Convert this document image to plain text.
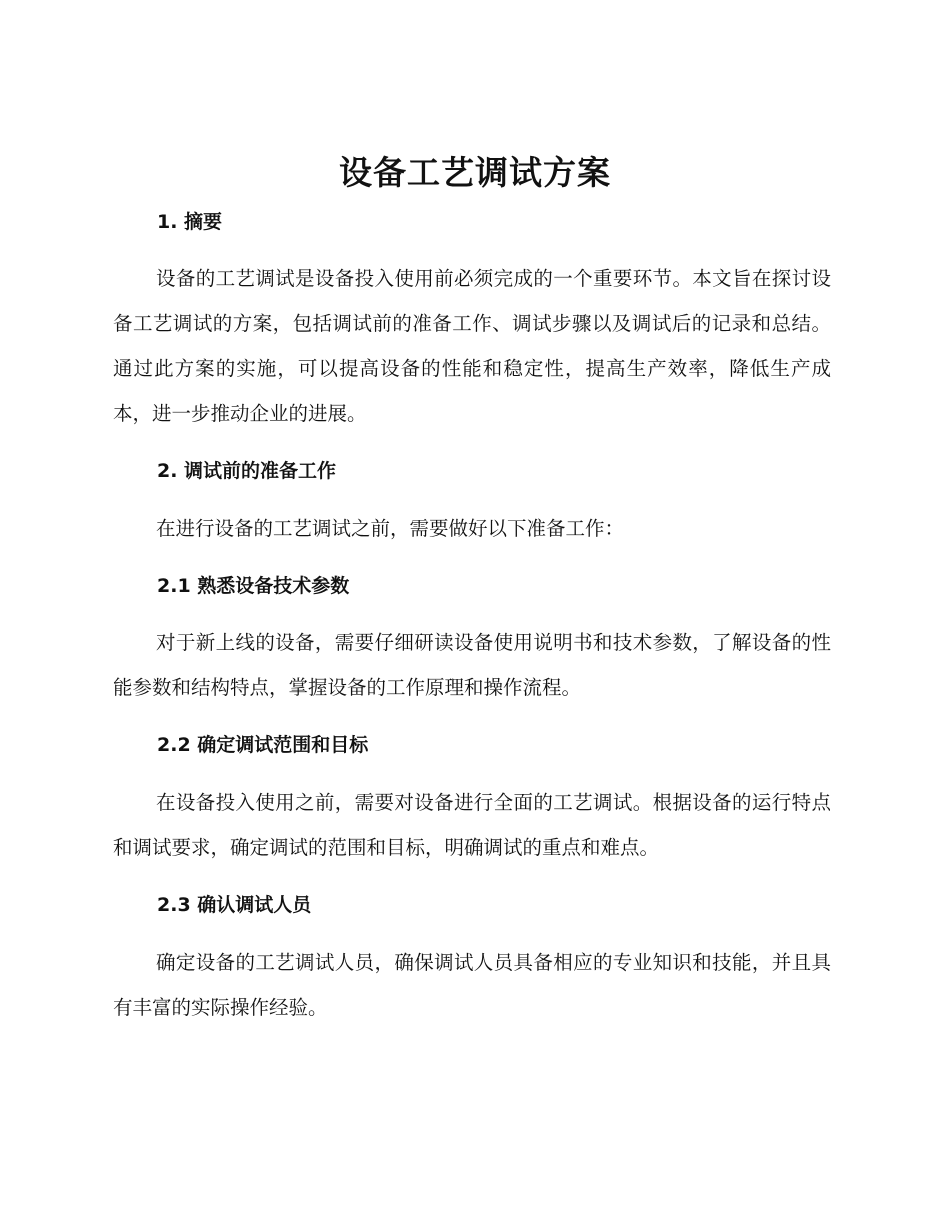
设备工艺调试方案
1. 摘要

设备的工艺调试是设备投入使用前必须完成的一个重要环节。本文旨在探讨设备工艺调试的方案，包括调试前的准备工作、调试步骤以及调试后的记录和总结。通过此方案的实施，可以提高设备的性能和稳定性，提高生产效率，降低生产成本，进一步推动企业的进展。

2. 调试前的准备工作

在进行设备的工艺调试之前，需要做好以下准备工作：

2.1 熟悉设备技术参数

对于新上线的设备，需要仔细研读设备使用说明书和技术参数，了解设备的性能参数和结构特点，掌握设备的工作原理和操作流程。

2.2 确定调试范围和目标

在设备投入使用之前，需要对设备进行全面的工艺调试。根据设备的运行特点和调试要求，确定调试的范围和目标，明确调试的重点和难点。

2.3 确认调试人员

确定设备的工艺调试人员，确保调试人员具备相应的专业知识和技能，并且具有丰富的实际操作经验。
